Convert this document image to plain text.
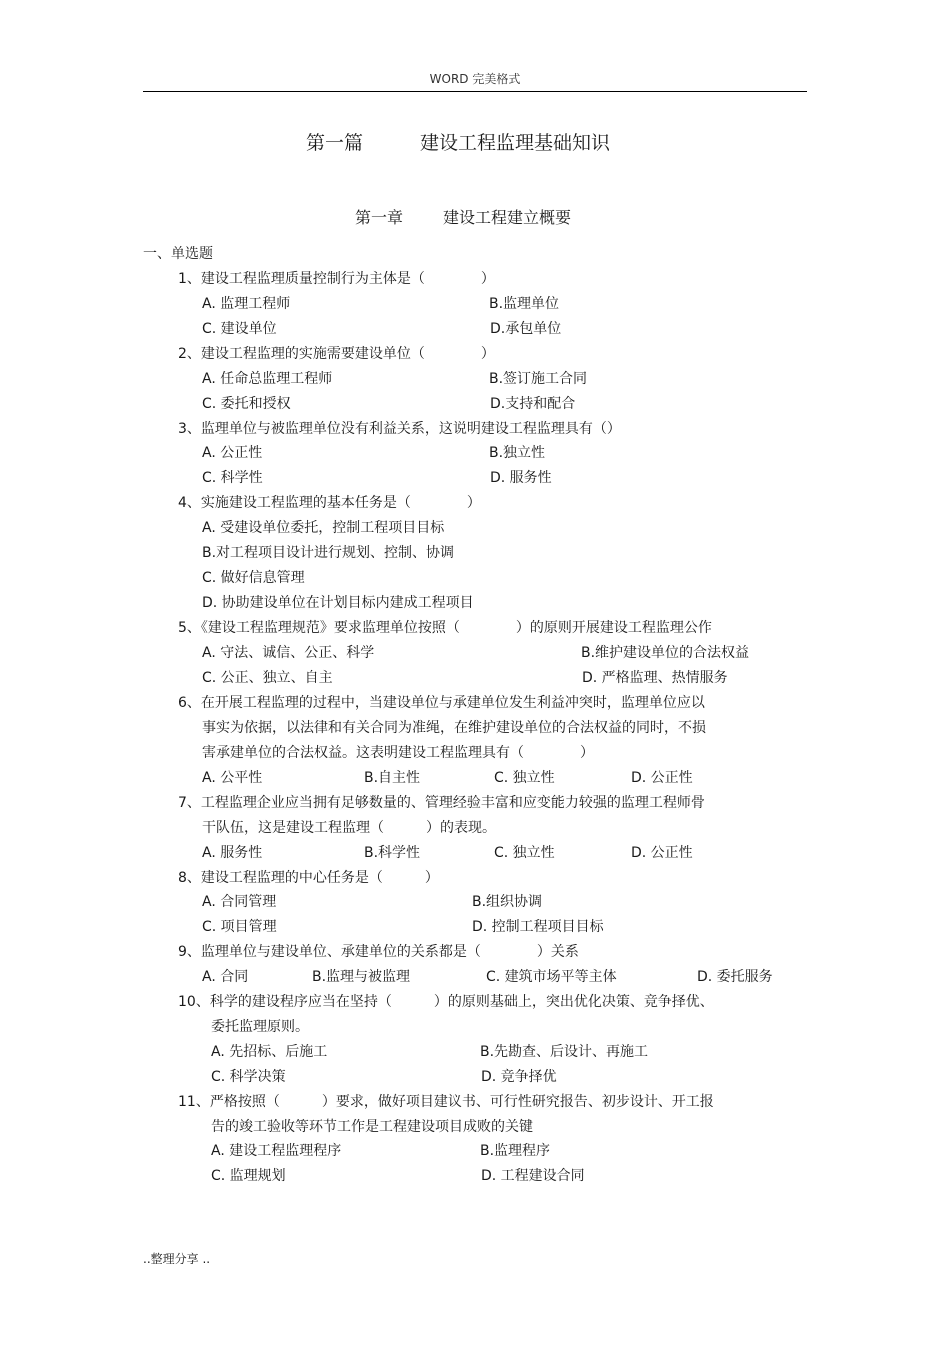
WORD 完美格式
第一篇	建设工程监理基础知识
第一章 建设工程建立概要
一、单选题
1、建设工程监理质量控制行为主体是（　　　　）
A. 监理工程师	B.监理单位
C. 建设单位	D.承包单位
2、建设工程监理的实施需要建设单位（　　　　）
A. 任命总监理工程师	B.签订施工合同
C. 委托和授权	D.支持和配合
3、监理单位与被监理单位没有利益关系，这说明建设工程监理具有（）
A. 公正性	B.独立性
C. 科学性	D. 服务性
4、实施建设工程监理的基本任务是（　　　　）
A. 受建设单位委托，控制工程项目目标
B.对工程项目设计进行规划、控制、协调
C. 做好信息管理
D. 协助建设单位在计划目标内建成工程项目
5、《建设工程监理规范》要求监理单位按照（　　　　）的原则开展建设工程监理公作
A. 守法、诚信、公正、科学	B.维护建设单位的合法权益
C. 公正、独立、自主	D. 严格监理、热情服务
6、在开展工程监理的过程中，当建设单位与承建单位发生利益冲突时，监理单位应以
事实为依据，以法律和有关合同为准绳，在维护建设单位的合法权益的同时，不损
害承建单位的合法权益。这表明建设工程监理具有（　　　　）
A. 公平性	B.自主性	C. 独立性	D. 公正性
7、工程监理企业应当拥有足够数量的、管理经验丰富和应变能力较强的监理工程师骨
干队伍，这是建设工程监理（　　　）的表现。
A. 服务性	B.科学性	C. 独立性	D. 公正性
8、建设工程监理的中心任务是（　　　）
A. 合同管理	B.组织协调
C. 项目管理	D. 控制工程项目目标
9、监理单位与建设单位、承建单位的关系都是（　　　　）关系
A. 合同	B.监理与被监理	C. 建筑市场平等主体	D. 委托服务
10、科学的建设程序应当在坚持（　　　）的原则基础上，突出优化决策、竞争择优、
委托监理原则。
A. 先招标、后施工	B.先勘查、后设计、再施工
C. 科学决策	D. 竞争择优
11、严格按照（　　　）要求，做好项目建议书、可行性研究报告、初步设计、开工报
告的竣工验收等环节工作是工程建设项目成败的关键
A. 建设工程监理程序	B.监理程序
C. 监理规划	D. 工程建设合同
..整理分享 ..
